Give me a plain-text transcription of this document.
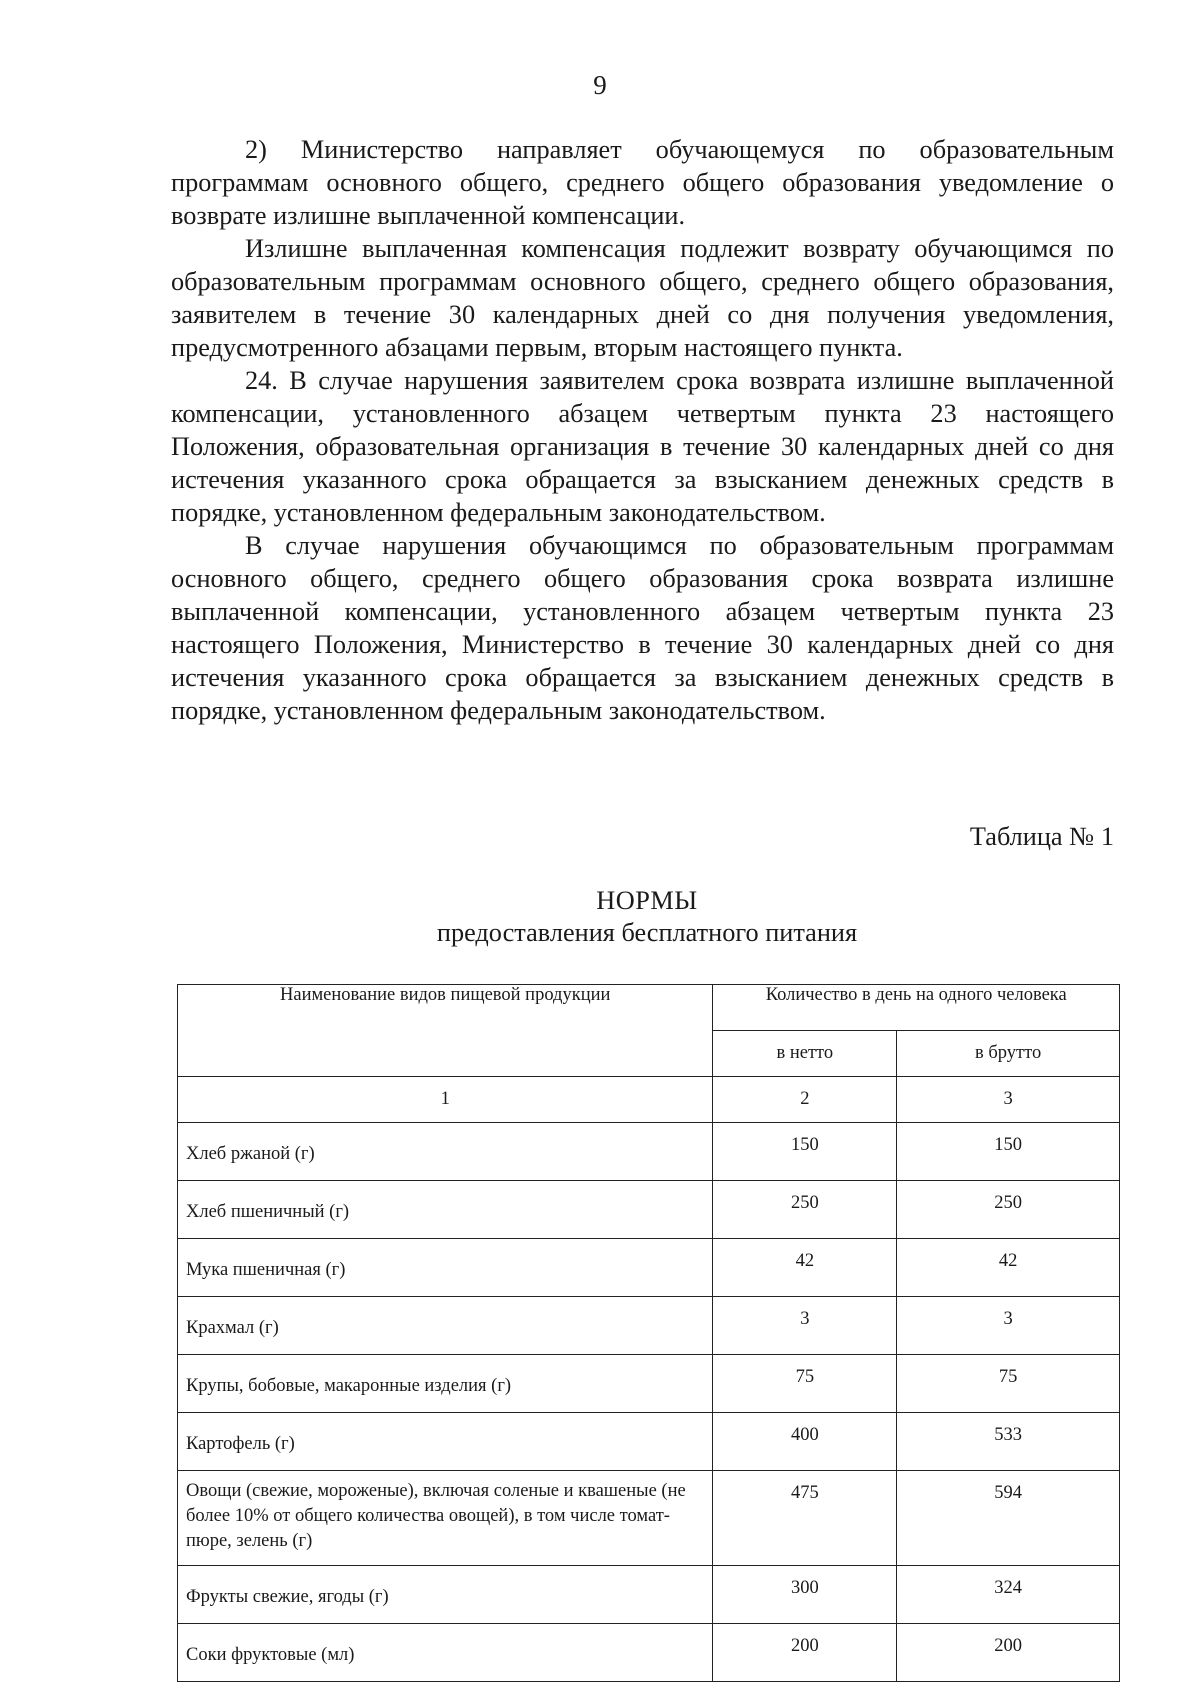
9

2) Министерство направляет обучающемуся по образовательным программам основного общего, среднего общего образования уведомление о возврате излишне выплаченной компенсации.

Излишне выплаченная компенсация подлежит возврату обучающимся по образовательным программам основного общего, среднего общего образования, заявителем в течение 30 календарных дней со дня получения уведомления, предусмотренного абзацами первым, вторым настоящего пункта.

24. В случае нарушения заявителем срока возврата излишне выплаченной компенсации, установленного абзацем четвертым пункта 23 настоящего Положения, образовательная организация в течение 30 календарных дней со дня истечения указанного срока обращается за взысканием денежных средств в порядке, установленном федеральным законодательством.

В случае нарушения обучающимся по образовательным программам основного общего, среднего общего образования срока возврата излишне выплаченной компенсации, установленного абзацем четвертым пункта 23 настоящего Положения, Министерство в течение 30 календарных дней со дня истечения указанного срока обращается за взысканием денежных средств в порядке, установленном федеральным законодательством.

Таблица № 1
НОРМЫ
предоставления бесплатного питания
Наименование видов пищевой продукции	Количество в день на одного человека	
	в нетто	в брутто
1	2	3
Хлеб ржаной (г)	150	150
Хлеб пшеничный (г)	250	250
Мука пшеничная (г)	42	42
Крахмал (г)	3	3
Крупы, бобовые, макаронные изделия (г)	75	75
Картофель (г)	400	533
Овощи (свежие, мороженые), включая соленые и квашеные (не более 10% от общего количества овощей), в том числе томат-пюре, зелень (г)	475	594
Фрукты свежие, ягоды (г)	300	324
Соки фруктовые (мл)	200	200
